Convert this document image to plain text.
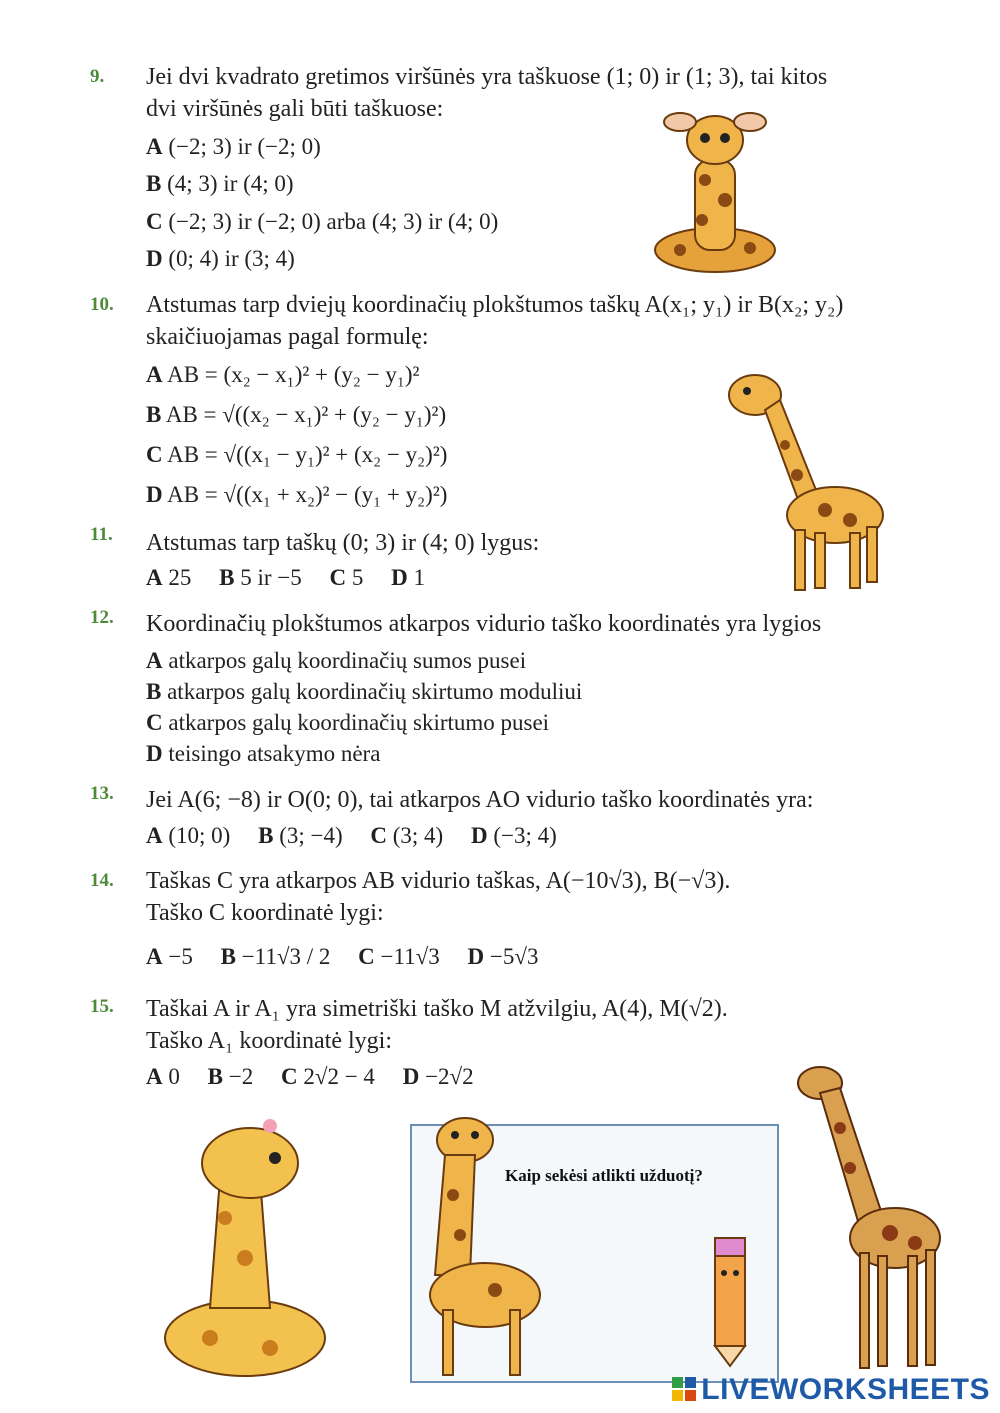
9. Jei dvi kvadrato gretimos viršūnės yra taškuose (1; 0) ir (1; 3), tai kitos
dvi viršūnės gali būti taškuose:
A (−2; 3) ir (−2; 0)
B (4; 3) ir (4; 0)
C (−2; 3) ir (−2; 0) arba (4; 3) ir (4; 0)
D (0; 4) ir (3; 4)
10. Atstumas tarp dviejų koordinačių plokštumos taškų A(x₁; y₁) ir B(x₂; y₂)
skaičiuojamas pagal formulę:
A AB = (x₂ − x₁)² + (y₂ − y₁)²
B AB = √((x₂ − x₁)² + (y₂ − y₁)²)
C AB = √((x₁ − y₁)² + (x₂ − y₂)²)
D AB = √((x₁ + x₂)² − (y₁ + y₂)²)
11. Atstumas tarp taškų (0; 3) ir (4; 0) lygus:
A 25 B 5 ir −5 C 5 D 1
12. Koordinačių plokštumos atkarpos vidurio taško koordinatės yra lygios
A atkarpos galų koordinačių sumos pusei
B atkarpos galų koordinačių skirtumo moduliui
C atkarpos galų koordinačių skirtumo pusei
D teisingo atsakymo nėra
13. Jei A(6; −8) ir O(0; 0), tai atkarpos AO vidurio taško koordinatės yra:
A (10; 0) B (3; −4) C (3; 4) D (−3; 4)
14. Taškas C yra atkarpos AB vidurio taškas, A(−10√3), B(−√3).
Taško C koordinatė lygi:
A −5 B −11√3 / 2 C −11√3 D −5√3
15. Taškai A ir A₁ yra simetriški taško M atžvilgiu, A(4), M(√2).
Taško A₁ koordinatė lygi:
A 0 B −2 C 2√2 − 4 D −2√2
Kaip sekėsi atlikti užduotį?
LIVEWORKSHEETS
